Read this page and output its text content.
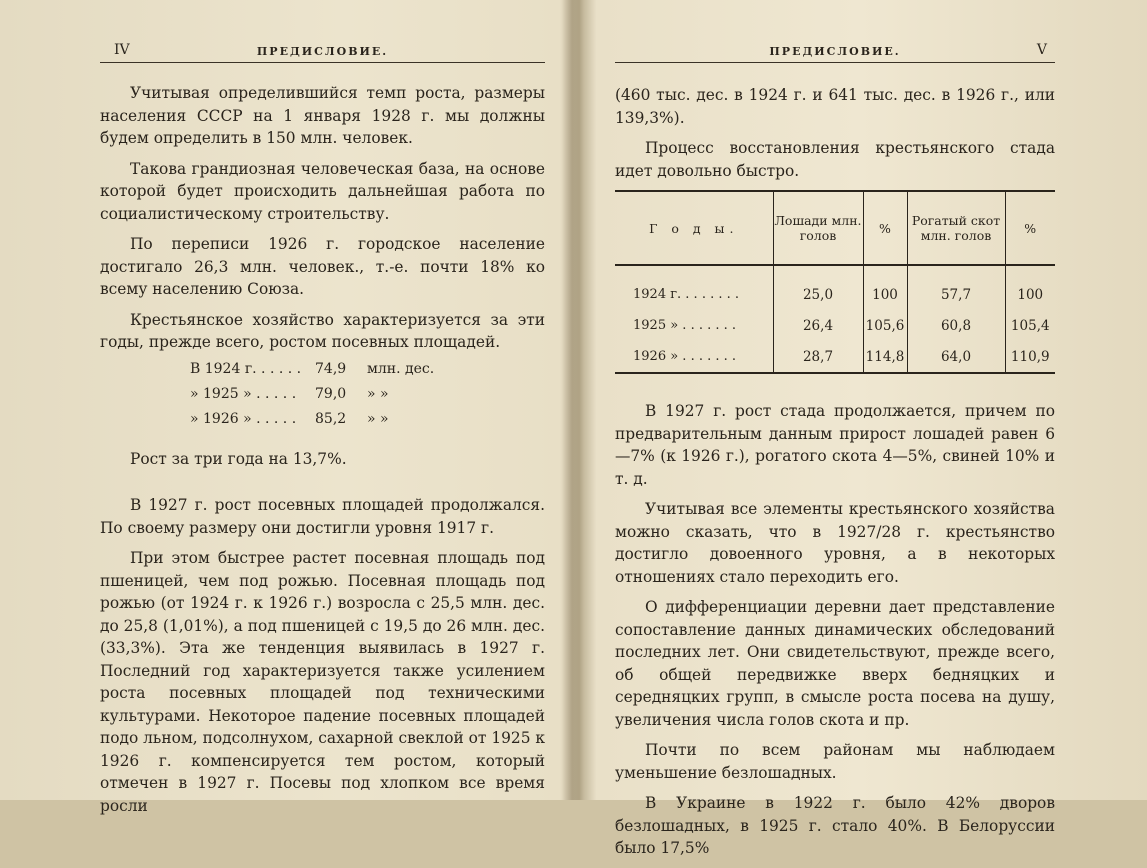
IV	ПРЕДИСЛОВИЕ.

Учитывая определившийся темп роста, размеры населения СССР на 1 января 1928 г. мы должны будем определить в 150 млн. человек.

Такова грандиозная человеческая база, на основе которой будет происходить дальнейшая работа по социалистическому строительству.

По переписи 1926 г. городское население достигало 26,3 млн. человек., т.-е. почти 18% ко всему населению Союза.

Крестьянское хозяйство характеризуется за эти годы, прежде всего, ростом посевных площадей.

В 1924 г. . . . . . 74,9 млн. дес.
» 1925 » . . . . . 79,0 » »
» 1926 » . . . . . 85,2 » »

Рост за три года на 13,7%.

В 1927 г. рост посевных площадей продолжался. По своему размеру они достигли уровня 1917 г.

При этом быстрее растет посевная площадь под пшеницей, чем под рожью. Посевная площадь под рожью (от 1924 г. к 1926 г.) возросла с 25,5 млн. дес. до 25,8 (1,01%), а под пшеницей с 19,5 до 26 млн. дес. (33,3%). Эта же тенденция выявилась в 1927 г. Последний год характеризуется также усилением роста посевных площадей под техническими культурами. Некоторое падение посевных площадей подо льном, подсолнухом, сахарной свеклой от 1925 к 1926 г. компенсируется тем ростом, который отмечен в 1927 г. Посевы под хлопком все время росли

ПРЕДИСЛОВИЕ.	V

(460 тыс. дес. в 1924 г. и 641 тыс. дес. в 1926 г., или 139,3%).

Процесс восстановления крестьянского стада идет довольно быстро.

Г о д ы.	Лошади млн. голов	%	Рогатый скот млн. голов	%
1924 г. . . . . . . .	25,0	100	57,7	100
1925 » . . . . . . .	26,4	105,6	60,8	105,4
1926 » . . . . . . .	28,7	114,8	64,0	110,9

В 1927 г. рост стада продолжается, причем по предварительным данным прирост лошадей равен 6—7% (к 1926 г.), рогатого скота 4—5%, свиней 10% и т. д.

Учитывая все элементы крестьянского хозяйства можно сказать, что в 1927/28 г. крестьянство достигло довоенного уровня, а в некоторых отношениях стало переходить его.

О дифференциации деревни дает представление сопоставление данных динамических обследований последних лет. Они свидетельствуют, прежде всего, об общей передвижке вверх бедняцких и середняцких групп, в смысле роста посева на душу, увеличения числа голов скота и пр.

Почти по всем районам мы наблюдаем уменьшение безлошадных.

В Украине в 1922 г. было 42% дворов безлошадных, в 1925 г. стало 40%. В Белоруссии было 17,5%
